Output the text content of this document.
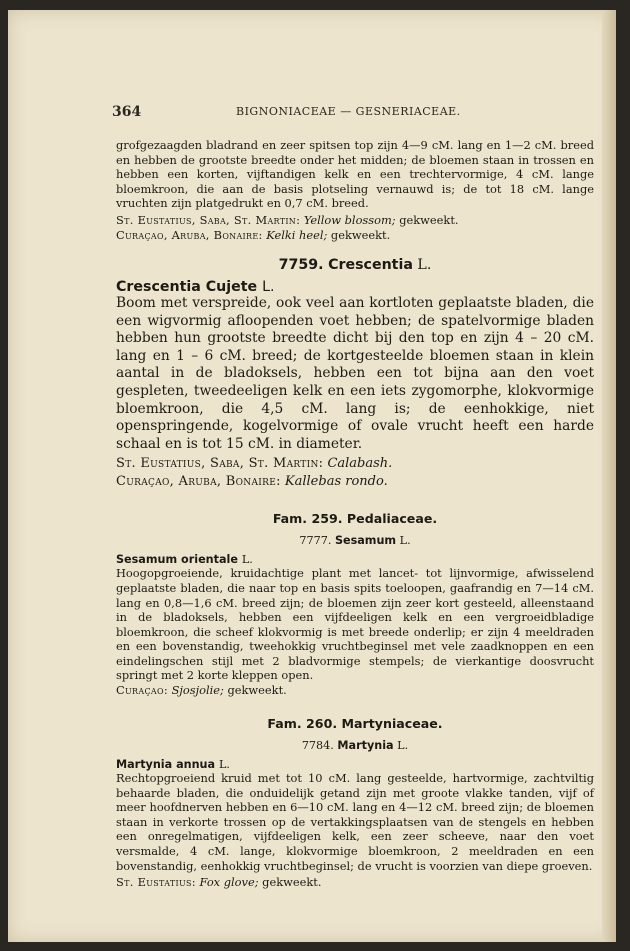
364	BIGNONIACEAE — GESNERIACEAE.
grofgezaagden bladrand en zeer spitsen top zijn 4—9 cM. lang en 1—2 cM. breed en hebben de grootste breedte onder het midden; de bloemen staan in trossen en hebben een korten, vijftandigen kelk en een trechtervormige, 4 cM. lange bloemkroon, die aan de basis plotseling vernauwd is; de tot 18 cM. lange vruchten zijn platgedrukt en 0,7 cM. breed.
St. Eustatius, Saba, St. Martin: Yellow blossom; gekweekt.
Curaçao, Aruba, Bonaire: Kelki heel; gekweekt.
7759. Crescentia L.
Crescentia Cujete L.
Boom met verspreide, ook veel aan kortloten geplaatste bladen, die een wigvormig afloopenden voet hebben; de spatelvormige bladen hebben hun grootste breedte dicht bij den top en zijn 4 – 20 cM. lang en 1 – 6 cM. breed; de kortgesteelde bloemen staan in klein aantal in de bladoksels, hebben een tot bijna aan den voet gespleten, tweedeeligen kelk en een iets zygomorphe, klokvormige bloemkroon, die 4,5 cM. lang is; de eenhokkige, niet openspringende, kogelvormige of ovale vrucht heeft een harde schaal en is tot 15 cM. in diameter.
St. Eustatius, Saba, St. Martin: Calabash.
Curaçao, Aruba, Bonaire: Kallebas rondo.
Fam. 259. Pedaliaceae.
7777. Sesamum L.
Sesamum orientale L.
Hoogopgroeiende, kruidachtige plant met lancet- tot lijnvormige, afwisselend geplaatste bladen, die naar top en basis spits toeloopen, gaafrandig en 7—14 cM. lang en 0,8—1,6 cM. breed zijn; de bloemen zijn zeer kort gesteeld, alleenstaand in de bladoksels, hebben een vijfdeeligen kelk en een vergroeidbladige bloemkroon, die scheef klokvormig is met breede onderlip; er zijn 4 meeldraden en een bovenstandig, tweehokkig vruchtbeginsel met vele zaadknoppen en een eindelingschen stijl met 2 bladvormige stempels; de vierkantige doosvrucht springt met 2 korte kleppen open.
Curaçao: Sjosjolie; gekweekt.
Fam. 260. Martyniaceae.
7784. Martynia L.
Martynia annua L.
Rechtopgroeiend kruid met tot 10 cM. lang gesteelde, hartvormige, zachtviltig behaarde bladen, die onduidelijk getand zijn met groote vlakke tanden, vijf of meer hoofdnerven hebben en 6—10 cM. lang en 4—12 cM. breed zijn; de bloemen staan in verkorte trossen op de vertakkingsplaatsen van de stengels en hebben een onregelmatigen, vijfdeeligen kelk, een zeer scheeve, naar den voet versmalde, 4 cM. lange, klokvormige bloemkroon, 2 meeldraden en een bovenstandig, eenhokkig vruchtbeginsel; de vrucht is voorzien van diepe groeven.
St. Eustatius: Fox glove; gekweekt.
